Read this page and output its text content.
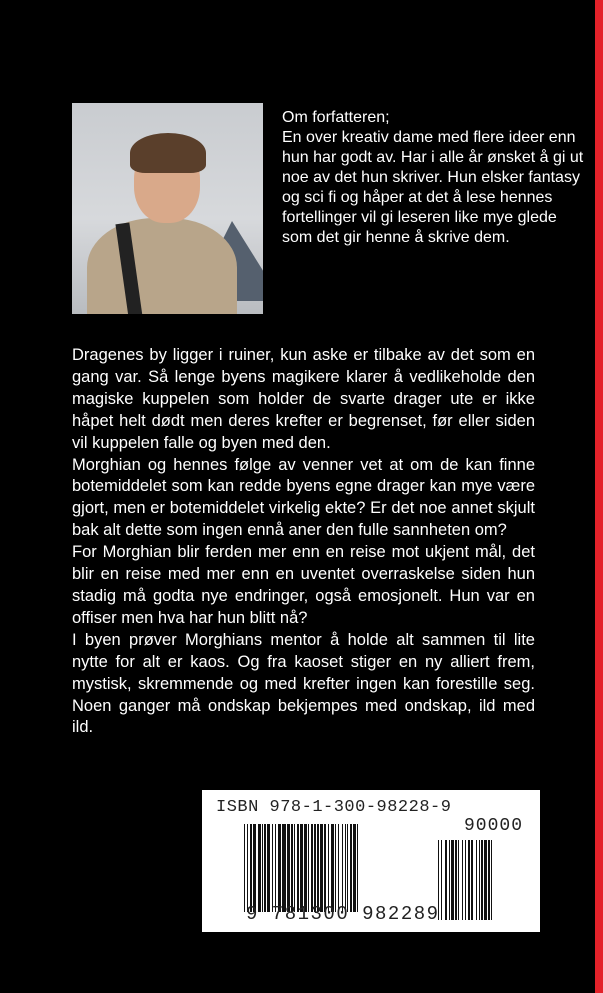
Om forfatteren;

En over kreativ dame med flere ideer enn hun har godt av. Har i alle år ønsket å gi ut noe av det hun skriver. Hun elsker fantasy og sci fi og håper at det å lese hennes fortellinger vil gi leseren like mye glede som det gir henne å skrive dem.

Dragenes by ligger i ruiner, kun aske er tilbake av det som en gang var. Så lenge byens magikere klarer å vedlikeholde den magiske kuppelen som holder de svarte drager ute er ikke håpet helt dødt men deres krefter er begrenset, før eller siden vil kuppelen falle og byen med den.

Morghian og hennes følge av venner vet at om de kan finne botemiddelet som kan redde byens egne drager kan mye være gjort, men er botemiddelet virkelig ekte? Er det noe annet skjult bak alt dette som ingen ennå aner den fulle sannheten om?

For Morghian blir ferden mer enn en reise mot ukjent mål, det blir en reise med mer enn en uventet overraskelse siden hun stadig må godta nye endringer, også emosjonelt. Hun var en offiser men hva har hun blitt nå?

I byen prøver Morghians mentor å holde alt sammen til lite nytte for alt er kaos. Og fra kaoset stiger en ny alliert frem, mystisk, skremmende og med krefter ingen kan forestille seg. Noen ganger må ondskap bekjempes med ondskap, ild med ild.

ISBN 978-1-300-98228-9
90000
9 781300 982289
